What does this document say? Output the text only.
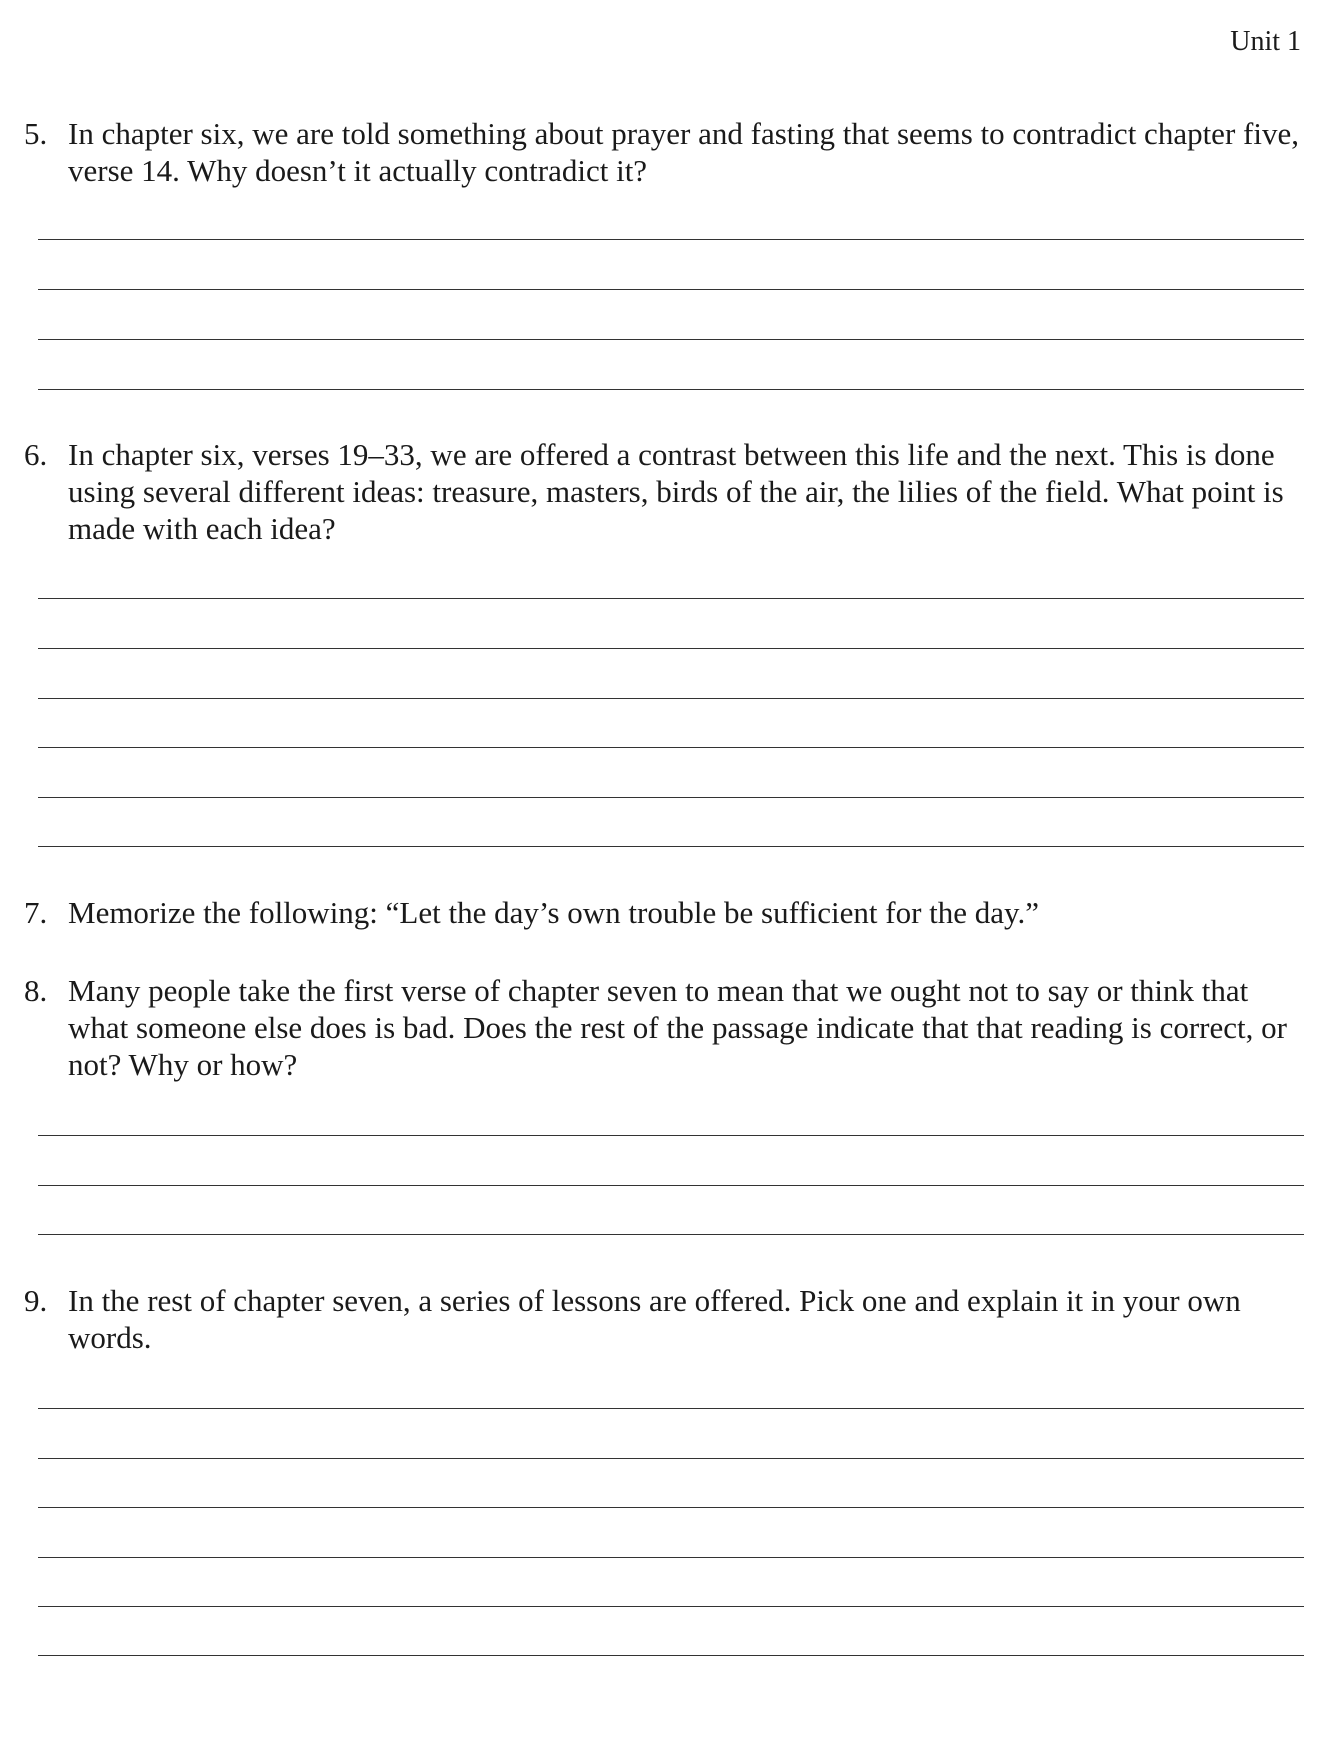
Unit 1
5. In chapter six, we are told something about prayer and fasting that seems to contradict chapter five, verse 14. Why doesn’t it actually contradict it?
6. In chapter six, verses 19–33, we are offered a contrast between this life and the next. This is done using several different ideas: treasure, masters, birds of the air, the lilies of the field. What point is made with each idea?
7. Memorize the following: “Let the day’s own trouble be sufficient for the day.”
8. Many people take the first verse of chapter seven to mean that we ought not to say or think that what someone else does is bad. Does the rest of the passage indicate that that reading is correct, or not? Why or how?
9. In the rest of chapter seven, a series of lessons are offered. Pick one and explain it in your own words.
